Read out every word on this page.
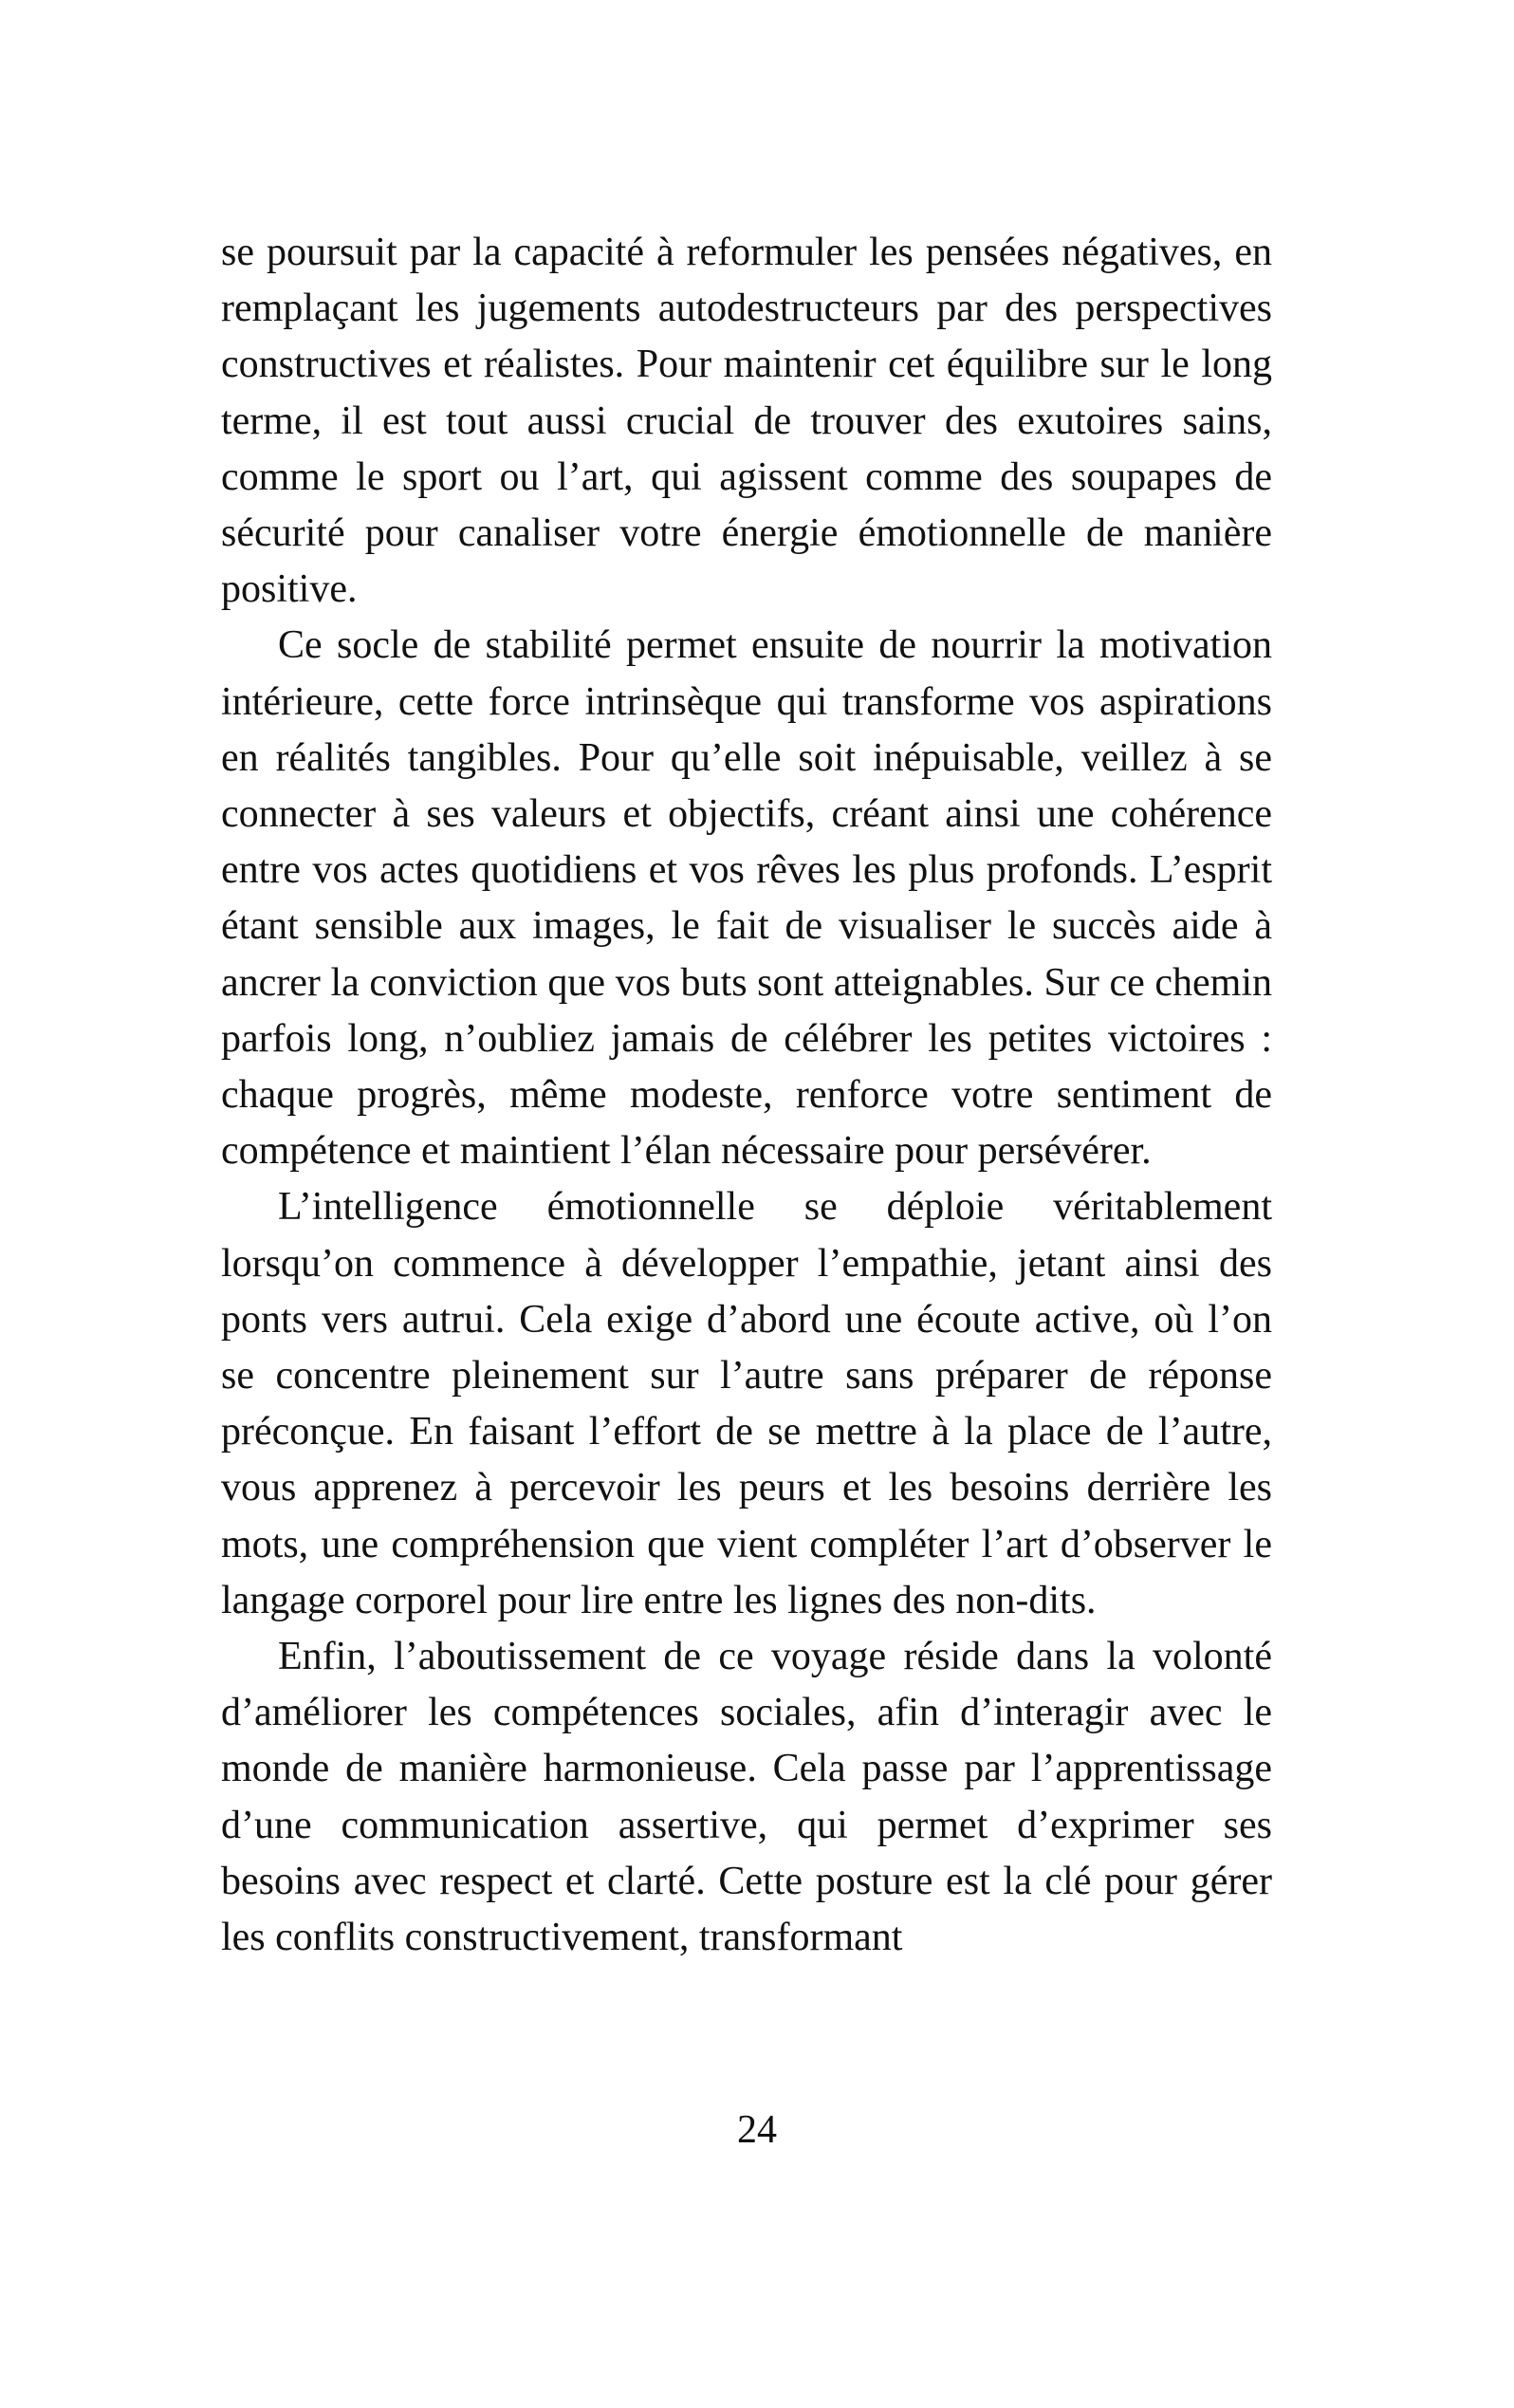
se poursuit par la capacité à reformuler les pensées négatives, en remplaçant les jugements autodestructeurs par des perspectives constructives et réalistes. Pour maintenir cet équilibre sur le long terme, il est tout aussi crucial de trouver des exutoires sains, comme le sport ou l’art, qui agissent comme des soupapes de sécurité pour canaliser votre énergie émotionnelle de manière positive.

Ce socle de stabilité permet ensuite de nourrir la motivation intérieure, cette force intrinsèque qui transforme vos aspirations en réalités tangibles. Pour qu’elle soit inépuisable, veillez à se connecter à ses valeurs et objectifs, créant ainsi une cohérence entre vos actes quotidiens et vos rêves les plus profonds. L’esprit étant sensible aux images, le fait de visualiser le succès aide à ancrer la conviction que vos buts sont atteignables. Sur ce chemin parfois long, n’oubliez jamais de célébrer les petites victoires : chaque progrès, même modeste, renforce votre sentiment de compétence et maintient l’élan nécessaire pour persévérer.

L’intelligence émotionnelle se déploie véritablement lorsqu’on commence à développer l’empathie, jetant ainsi des ponts vers autrui. Cela exige d’abord une écoute active, où l’on se concentre pleinement sur l’autre sans préparer de réponse préconçue. En faisant l’effort de se mettre à la place de l’autre, vous apprenez à percevoir les peurs et les besoins derrière les mots, une compréhension que vient compléter l’art d’observer le langage corporel pour lire entre les lignes des non-dits.

Enfin, l’aboutissement de ce voyage réside dans la volonté d’améliorer les compétences sociales, afin d’interagir avec le monde de manière harmonieuse. Cela passe par l’apprentissage d’une communication assertive, qui permet d’exprimer ses besoins avec respect et clarté. Cette posture est la clé pour gérer les conflits constructivement, transformant

24
